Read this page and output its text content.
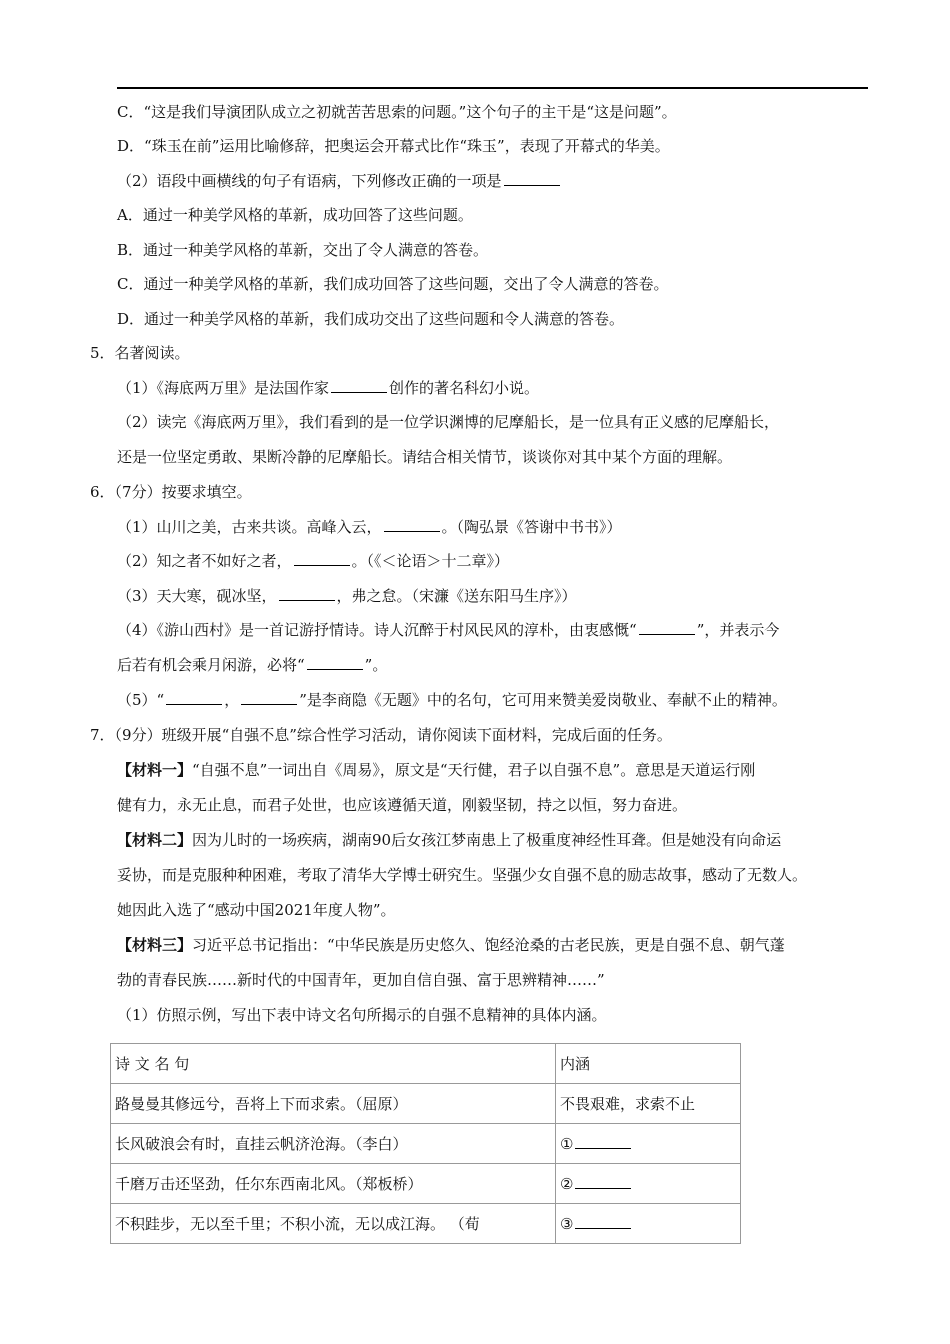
C．“这是我们导演团队成立之初就苦苦思索的问题。”这个句子的主干是“这是问题”。
D．“珠玉在前”运用比喻修辞，把奥运会开幕式比作“珠玉”，表现了开幕式的华美。
（2）语段中画横线的句子有语病，下列修改正确的一项是
A．通过一种美学风格的革新，成功回答了这些问题。
B．通过一种美学风格的革新，交出了令人满意的答卷。
C．通过一种美学风格的革新，我们成功回答了这些问题，交出了令人满意的答卷。
D．通过一种美学风格的革新，我们成功交出了这些问题和令人满意的答卷。
5．名著阅读。
（1）《海底两万里》是法国作家	创作的著名科幻小说。
（2）读完《海底两万里》，我们看到的是一位学识渊博的尼摩船长，是一位具有正义感的尼摩船长，
还是一位坚定勇敢、果断冷静的尼摩船长。请结合相关情节，谈谈你对其中某个方面的理解。
6．（7分）按要求填空。
（1）山川之美，古来共谈。高峰入云，	。（陶弘景《答谢中书书》）
（2）知之者不如好之者，	。（《＜论语＞十二章》）
（3）天大寒，砚冰坚，	，弗之怠。（宋濂《送东阳马生序》）
（4）《游山西村》是一首记游抒情诗。诗人沉醉于村风民风的淳朴，由衷感慨“	”，并表示今
后若有机会乘月闲游，必将“	”。
（5）“	，	”是李商隐《无题》中的名句，它可用来赞美爱岗敬业、奉献不止的精神。
7．（9分）班级开展“自强不息”综合性学习活动，请你阅读下面材料，完成后面的任务。
【材料一】“自强不息”一词出自《周易》，原文是“天行健，君子以自强不息”。意思是天道运行刚
健有力，永无止息，而君子处世，也应该遵循天道，刚毅坚韧，持之以恒，努力奋进。
【材料二】因为儿时的一场疾病，湖南90后女孩江梦南患上了极重度神经性耳聋。但是她没有向命运
妥协，而是克服种种困难，考取了清华大学博士研究生。坚强少女自强不息的励志故事，感动了无数人。
她因此入选了“感动中国2021年度人物”。
【材料三】习近平总书记指出：“中华民族是历史悠久、饱经沧桑的古老民族，更是自强不息、朝气蓬
勃的青春民族……新时代的中国青年，更加自信自强、富于思辨精神……”
（1）仿照示例，写出下表中诗文名句所揭示的自强不息精神的具体内涵。
诗 文 名 句	内涵
路曼曼其修远兮，吾将上下而求索。（屈原）	不畏艰难，求索不止
长风破浪会有时，直挂云帆济沧海。（李白）	①
千磨万击还坚劲，任尔东西南北风。（郑板桥）	②
不积跬步，无以至千里；不积小流，无以成江海。 （荀	③
